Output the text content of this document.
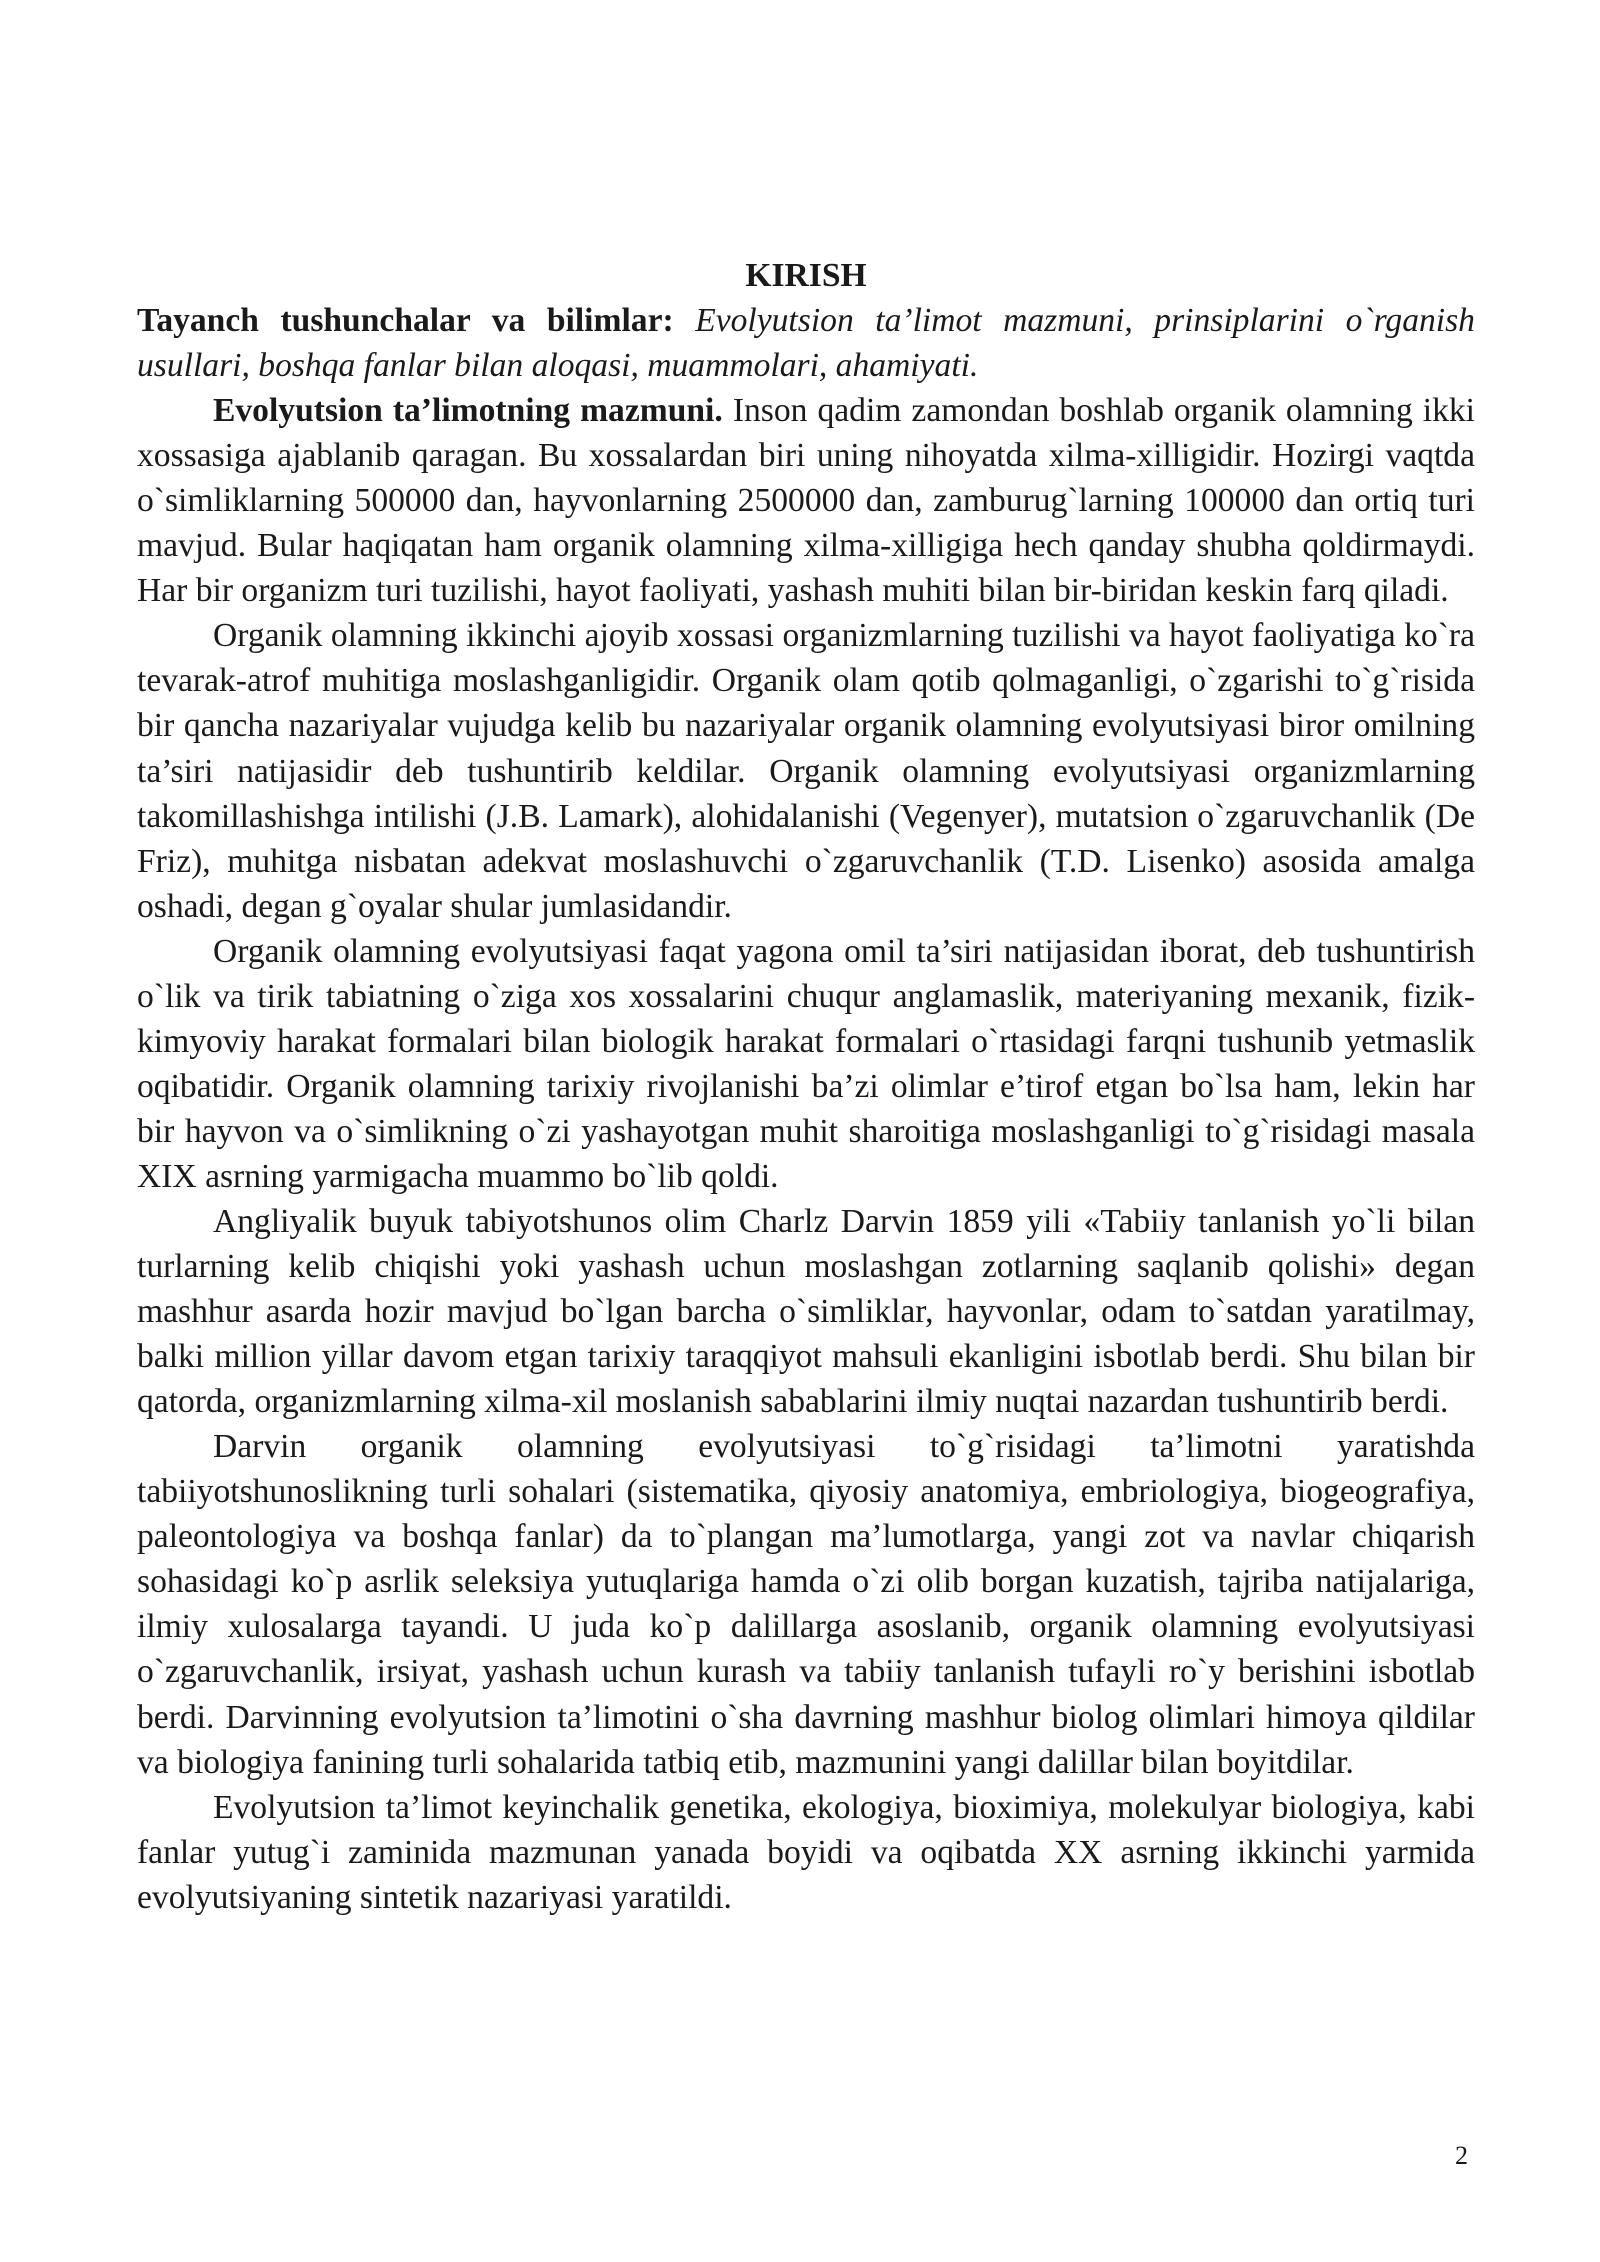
KIRISH

Tayanch tushunchalar va bilimlar: Evolyutsion ta’limot mazmuni, prinsiplarini o`rganish usullari, boshqa fanlar bilan aloqasi, muammolari, ahamiyati.

Evolyutsion ta’limotning mazmuni. Inson qadim zamondan boshlab organik olamning ikki xossasiga ajablanib qaragan. Bu xossalardan biri uning nihoyatda xilma-xilligidir. Hozirgi vaqtda o`simliklarning 500000 dan, hayvonlarning 2500000 dan, zamburug`larning 100000 dan ortiq turi mavjud. Bular haqiqatan ham organik olamning xilma-xilligiga hech qanday shubha qoldirmaydi. Har bir organizm turi tuzilishi, hayot faoliyati, yashash muhiti bilan bir-biridan keskin farq qiladi.

Organik olamning ikkinchi ajoyib xossasi organizmlarning tuzilishi va hayot faoliyatiga ko`ra tevarak-atrof muhitiga moslashganligidir. Organik olam qotib qolmaganligi, o`zgarishi to`g`risida bir qancha nazariyalar vujudga kelib bu nazariyalar organik olamning evolyutsiyasi biror omilning ta’siri natijasidir deb tushuntirib keldilar. Organik olamning evolyutsiyasi organizmlarning takomillashishga intilishi (J.B. Lamark), alohidalanishi (Vegenyer), mutatsion o`zgaruvchanlik (De Friz), muhitga nisbatan adekvat moslashuvchi o`zgaruvchanlik (T.D. Lisenko) asosida amalga oshadi, degan g`oyalar shular jumlasidandir.

Organik olamning evolyutsiyasi faqat yagona omil ta’siri natijasidan iborat, deb tushuntirish o`lik va tirik tabiatning o`ziga xos xossalarini chuqur anglamaslik, materiyaning mexanik, fizik-kimyoviy harakat formalari bilan biologik harakat formalari o`rtasidagi farqni tushunib yetmaslik oqibatidir. Organik olamning tarixiy rivojlanishi ba’zi olimlar e’tirof etgan bo`lsa ham, lekin har bir hayvon va o`simlikning o`zi yashayotgan muhit sharoitiga moslashganligi to`g`risidagi masala XIX asrning yarmigacha muammo bo`lib qoldi.

Angliyalik buyuk tabiyotshunos olim Charlz Darvin 1859 yili «Tabiiy tanlanish yo`li bilan turlarning kelib chiqishi yoki yashash uchun moslashgan zotlarning saqlanib qolishi» degan mashhur asarda hozir mavjud bo`lgan barcha o`simliklar, hayvonlar, odam to`satdan yaratilmay, balki million yillar davom etgan tarixiy taraqqiyot mahsuli ekanligini isbotlab berdi. Shu bilan bir qatorda, organizmlarning xilma-xil moslanish sabablarini ilmiy nuqtai nazardan tushuntirib berdi.

Darvin organik olamning evolyutsiyasi to`g`risidagi ta’limotni yaratishda tabiiyotshunoslikning turli sohalari (sistematika, qiyosiy anatomiya, embriologiya, biogeografiya, paleontologiya va boshqa fanlar) da to`plangan ma’lumotlarga, yangi zot va navlar chiqarish sohasidagi ko`p asrlik seleksiya yutuqlariga hamda o`zi olib borgan kuzatish, tajriba natijalariga, ilmiy xulosalarga tayandi. U juda ko`p dalillarga asoslanib, organik olamning evolyutsiyasi o`zgaruvchanlik, irsiyat, yashash uchun kurash va tabiiy tanlanish tufayli ro`y berishini isbotlab berdi. Darvinning evolyutsion ta’limotini o`sha davrning mashhur biolog olimlari himoya qildilar va biologiya fanining turli sohalarida tatbiq etib, mazmunini yangi dalillar bilan boyitdilar.

Evolyutsion ta’limot keyinchalik genetika, ekologiya, bioximiya, molekulyar biologiya, kabi fanlar yutug`i zaminida mazmunan yanada boyidi va oqibatda XX asrning ikkinchi yarmida evolyutsiyaning sintetik nazariyasi yaratildi.

2
